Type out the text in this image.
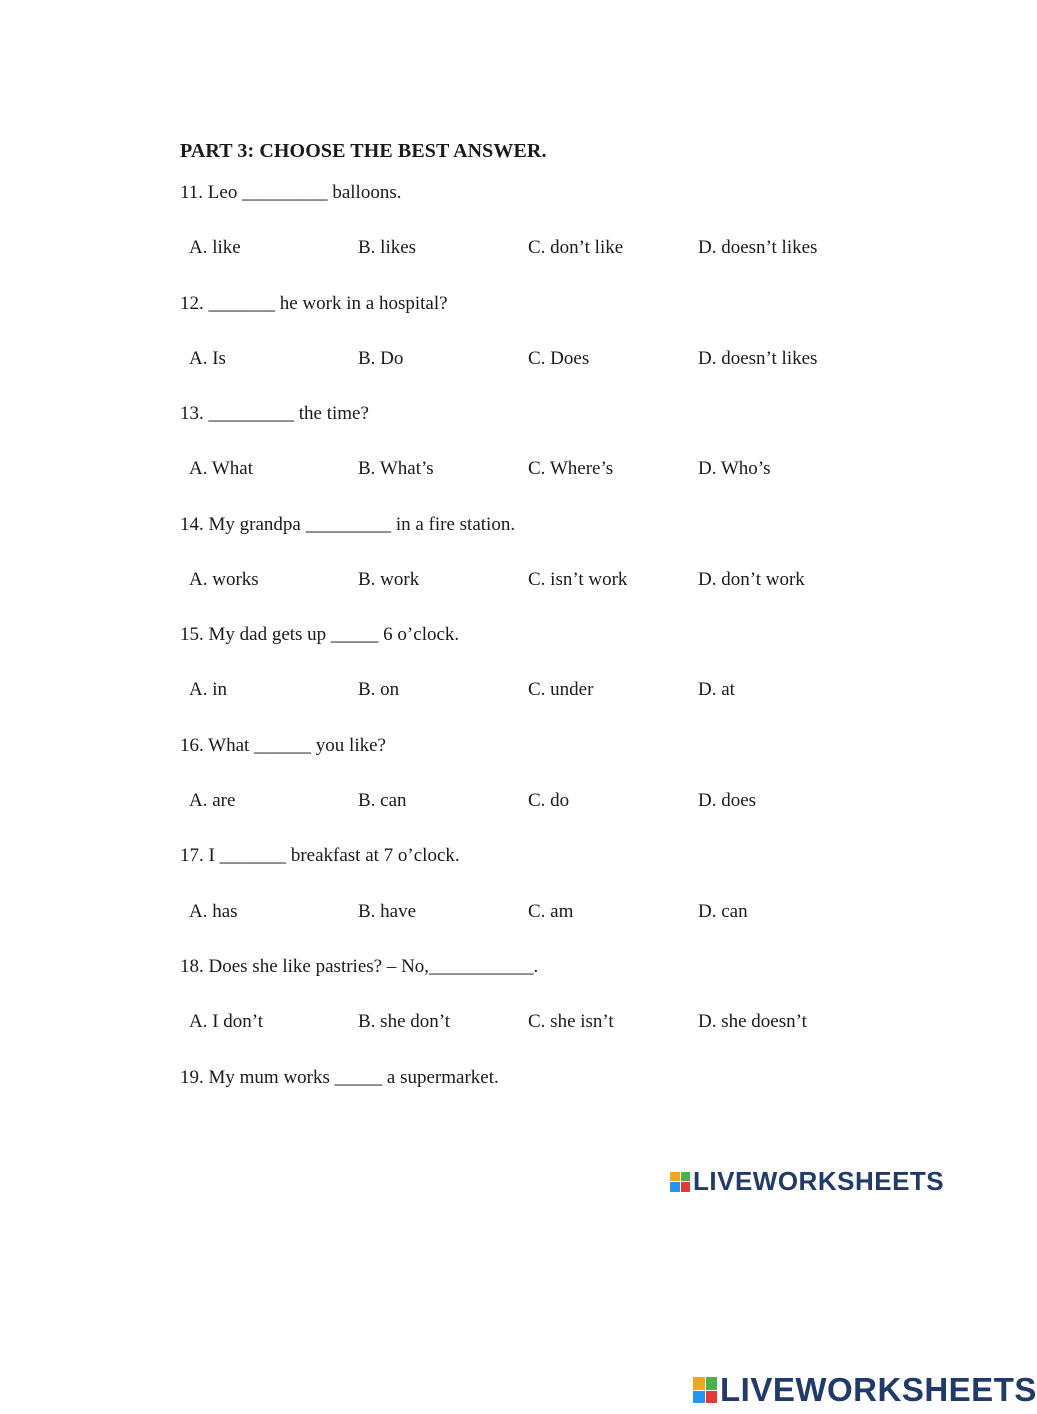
PART 3: CHOOSE THE BEST ANSWER.
11. Leo _________ balloons.
A. like	B. likes	C. don’t like	D. doesn’t likes
12. _______ he work in a hospital?
A. Is	B. Do	C. Does	D. doesn’t likes
13. _________ the time?
A. What	B. What’s	C. Where’s	D. Who’s
14. My grandpa _________ in a fire station.
A. works	B. work	C. isn’t work	D. don’t work
15. My dad gets up _____ 6 o’clock.
A. in	B. on	C. under	D. at
16. What ______ you like?
A. are	B. can	C. do	D. does
17. I _______ breakfast at 7 o’clock.
A. has	B. have	C. am	D. can
18. Does she like pastries? – No,___________.
A. I don’t	B. she don’t	C. she isn’t	D. she doesn’t
19. My mum works _____ a supermarket.
LIVEWORKSHEETS
LIVEWORKSHEETS
